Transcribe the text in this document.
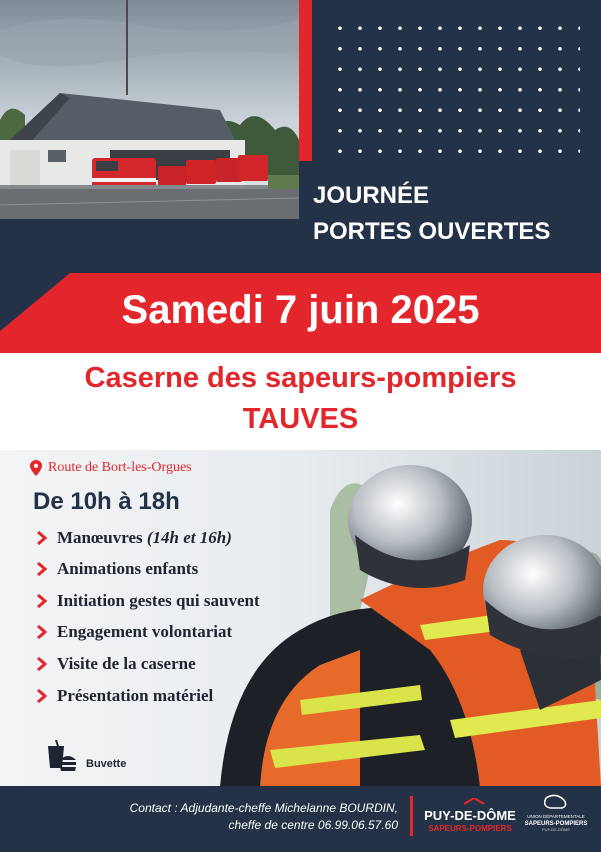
JOURNÉE
PORTES OUVERTES
Samedi 7 juin 2025
Caserne des sapeurs-pompiers
TAUVES
Route de Bort-les-Orgues
De 10h à 18h
Manœuvres
(14h et 16h)
Animations enfants
Initiation gestes qui sauvent
Engagement volontariat
Visite de la caserne
Présentation matériel
Buvette
Contact : Adjudante-cheffe Michelanne BOURDIN,
cheffe de centre 06.99.06.57.60
PUY-DE-DÔME
SAPEURS-POMPIERS
UNION DÉPARTEMENTALE
SAPEURS-POMPIERS
PUY-DE-DÔME
